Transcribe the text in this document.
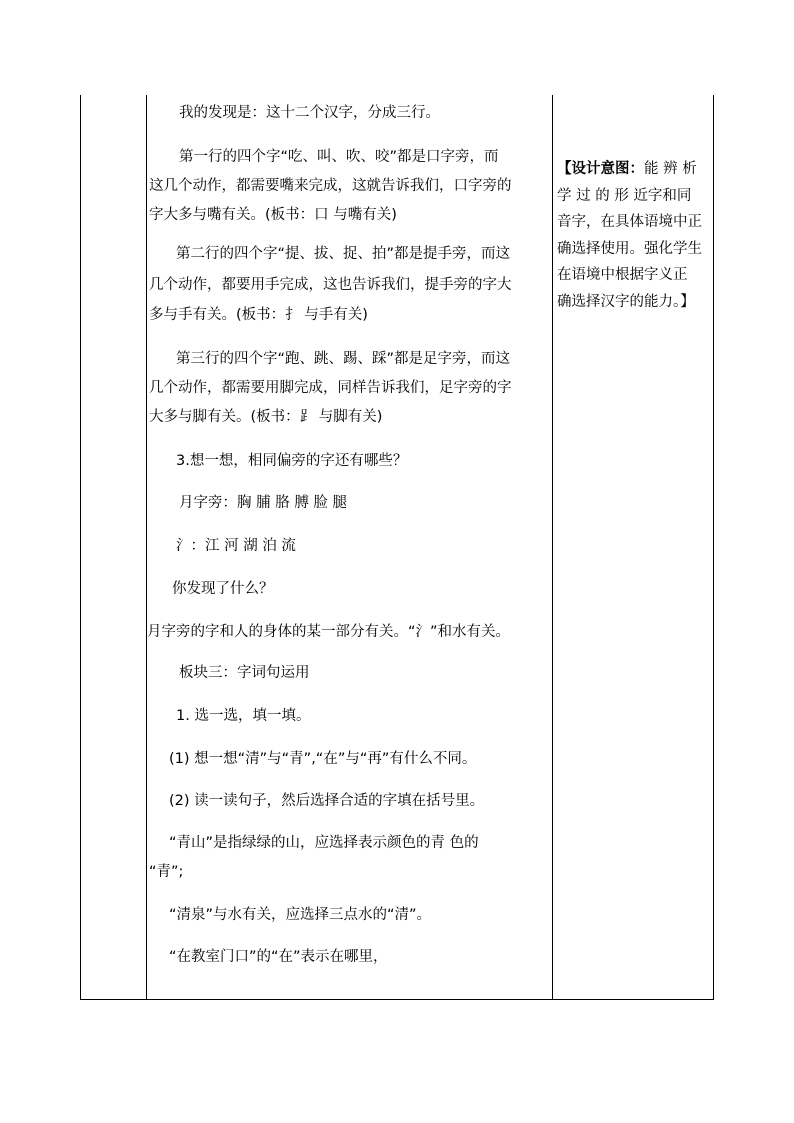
我的发现是：这十二个汉字，分成三行。
第一行的四个字“吃、叫、吹、咬”都是口字旁，而
这几个动作，都需要嘴来完成，这就告诉我们，口字旁的
字大多与嘴有关。(板书：口 与嘴有关)
第二行的四个字“提、拔、捉、拍”都是提手旁，而这
几个动作，都要用手完成，这也告诉我们，提手旁的字大
多与手有关。(板书：扌 与手有关)
第三行的四个字“跑、跳、踢、踩”都是足字旁，而这
几个动作，都需要用脚完成，同样告诉我们，足字旁的字
大多与脚有关。(板书：⻊ 与脚有关)
3.想一想，相同偏旁的字还有哪些？
月字旁：胸 脯 胳 膊 脸 腿
氵：江 河 湖 泊 流
你发现了什么？
月字旁的字和人的身体的某一部分有关。“氵”和水有关。
板块三：字词句运用
1. 选一选，填一填。
(1) 想一想“清”与“青”,“在”与“再”有什么不同。
(2) 读一读句子，然后选择合适的字填在括号里。
“青山”是指绿绿的山，应选择表示颜色的青 色的
“青”;
“清泉”与水有关，应选择三点水的“清”。
“在教室门口”的“在”表示在哪里，
【设计意图：能 辨 析
学 过 的 形 近字和同
音字，在具体语境中正
确选择使用。强化学生
在语境中根据字义正
确选择汉字的能力。】
